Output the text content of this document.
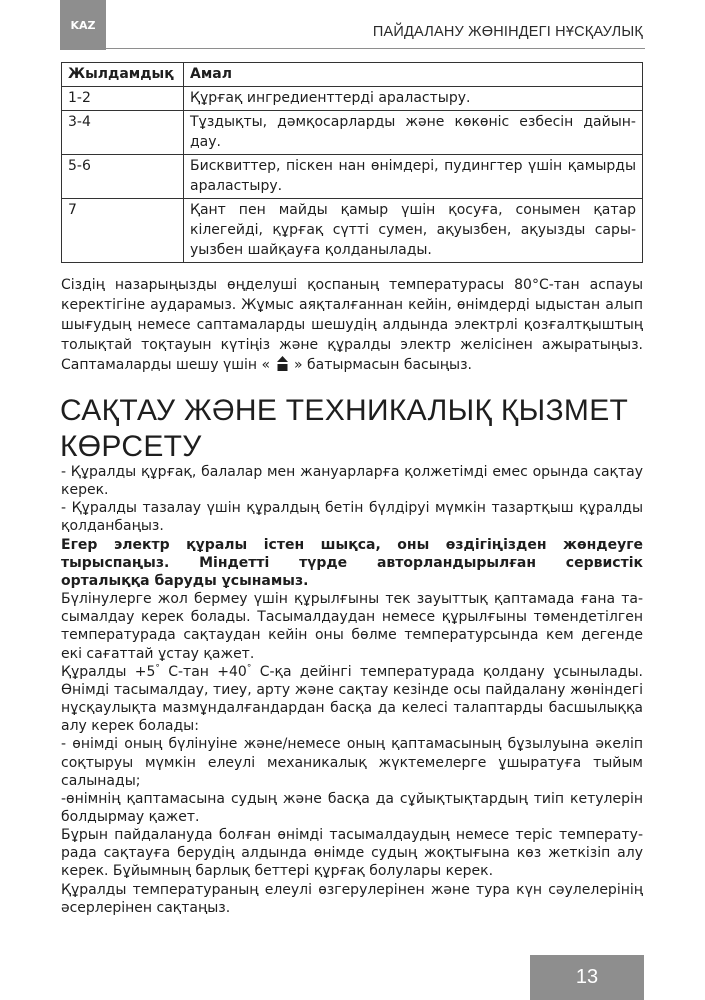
KAZ	ПАЙДАЛАНУ ЖӨНІНДЕГІ НҰСҚАУЛЫҚ
Жылдамдық	Амал
1-2	Құрғақ ингредиенттерді араластыру.
3-4	Тұздықты, дәмқосарларды және көкөніс езбесін дайын-
дау.

5-6	Бисквиттер, піскен нан өнімдері, пудингтер үшін қамырды
араластыру.

7	Қант пен майды қамыр үшін қосуға, сонымен қатар
кілегейді, құрғақ сүтті сумен, ақуызбен, ақуызды сары-
уызбен шайқауға қолданылады.
Сіздің назарыңызды өңделуші қоспаның температурасы 80°С-тан аспауы
керектігіне аударамыз. Жұмыс аяқталғаннан кейін, өнімдерді ыдыстан алып
шығудың немесе саптамаларды шешудің алдында электрлі қозғалтқыштың
толықтай тоқтауын күтіңіз және құралды электр желісінен ажыратыңыз.
Саптамаларды шешу үшін « » батырмасын басыңыз.
САҚТАУ ЖӘНЕ ТЕХНИКАЛЫҚ ҚЫЗМЕТ
КӨРСЕТУ
- Құралды құрғақ, балалар мен жануарларға қолжетімді емес орында сақтау
керек.
- Құралды тазалау үшін құралдың бетін бүлдіруі мүмкін тазартқыш құралды
қолданбаңыз.
Егер электр құралы істен шықса, оны өздігіңізден жөндеуге
тырыспаңыз. Міндетті түрде авторландырылған сервистік
орталыққа баруды ұсынамыз.
Бүлінулерге жол бермеу үшін құрылғыны тек зауыттық қаптамада ғана та-
сымалдау керек болады. Тасымалдаудан немесе құрылғыны төмендетілген
температурада сақтаудан кейін оны бөлме температурсында кем дегенде
екі сағаттай ұстау қажет.
Құралды +5° С-тан +40° С-қа дейінгі температурада қолдану ұсынылады.
Өнімді тасымалдау, тиеу, арту және сақтау кезінде осы пайдалану жөніндегі
нұсқаулықта мазмұндалғандардан басқа да келесі талаптарды басшылыққа
алу керек болады:
- өнімді оның бүлінуіне және/немесе оның қаптамасының бұзылуына әкеліп
соқтыруы мүмкін елеулі механикалық жүктемелерге ұшыратуға тыйым
салынады;
-өнімнің қаптамасына судың және басқа да сұйықтықтардың тиіп кетулерін
болдырмау қажет.
Бұрын пайдалануда болған өнімді тасымалдаудың немесе теріс температу-
рада сақтауға берудің алдында өнімде судың жоқтығына көз жеткізіп алу
керек. Бұйымның барлық беттері құрғақ болулары керек.
Құралды температураның елеулі өзгерулерінен және тура күн сәулелерінің
әсерлерінен сақтаңыз.
13
